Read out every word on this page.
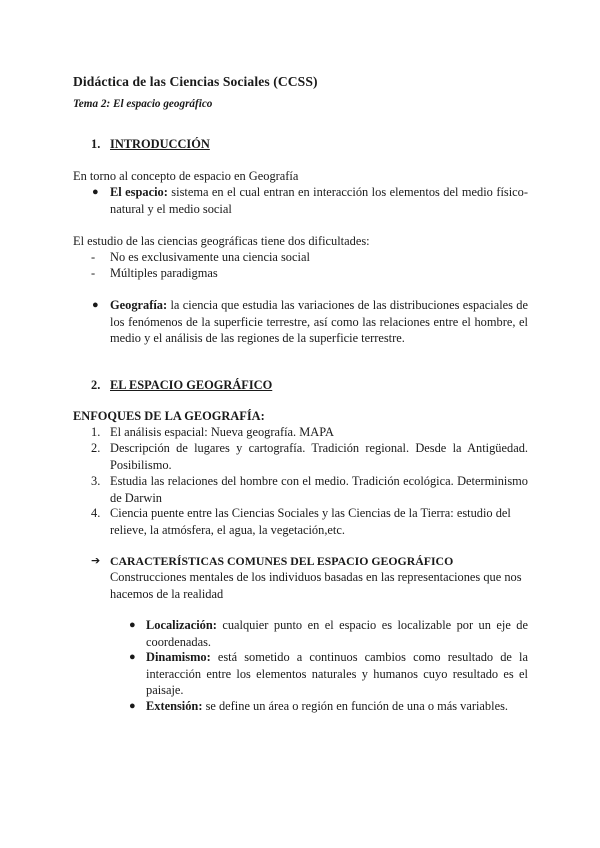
Didáctica de las Ciencias Sociales (CCSS)
Tema 2: El espacio geográfico
1. INTRODUCCIÓN
En torno al concepto de espacio en Geografía
● El espacio: sistema en el cual entran en interacción los elementos del medio físico-natural y el medio social

El estudio de las ciencias geográficas tiene dos dificultades:
-	No es exclusivamente una ciencia social
-	Múltiples paradigmas
● Geografía: la ciencia que estudia las variaciones de las distribuciones espaciales de los fenómenos de la superficie terrestre, así como las relaciones entre el hombre, el medio y el análisis de las regiones de la superficie terrestre.

2. EL ESPACIO GEOGRÁFICO
ENFOQUES DE LA GEOGRAFÍA:
1. El análisis espacial: Nueva geografía. MAPA

2. Descripción de lugares y cartografía. Tradición regional. Desde la Antigüedad. Posibilismo.

3. Estudia las relaciones del hombre con el medio. Tradición ecológica. Determinismo de Darwin

4. Ciencia puente entre las Ciencias Sociales y las Ciencias de la Tierra: estudio del relieve, la atmósfera, el agua, la vegetación,etc.

➔ CARACTERÍSTICAS COMUNES DEL ESPACIO GEOGRÁFICO

Construcciones mentales de los individuos basadas en las representaciones que nos hacemos de la realidad

● Localización: cualquier punto en el espacio es localizable por un eje de coordenadas.

● Dinamismo: está sometido a continuos cambios como resultado de la interacción entre los elementos naturales y humanos cuyo resultado es el paisaje.

● Extensión: se define un área o región en función de una o más variables.
